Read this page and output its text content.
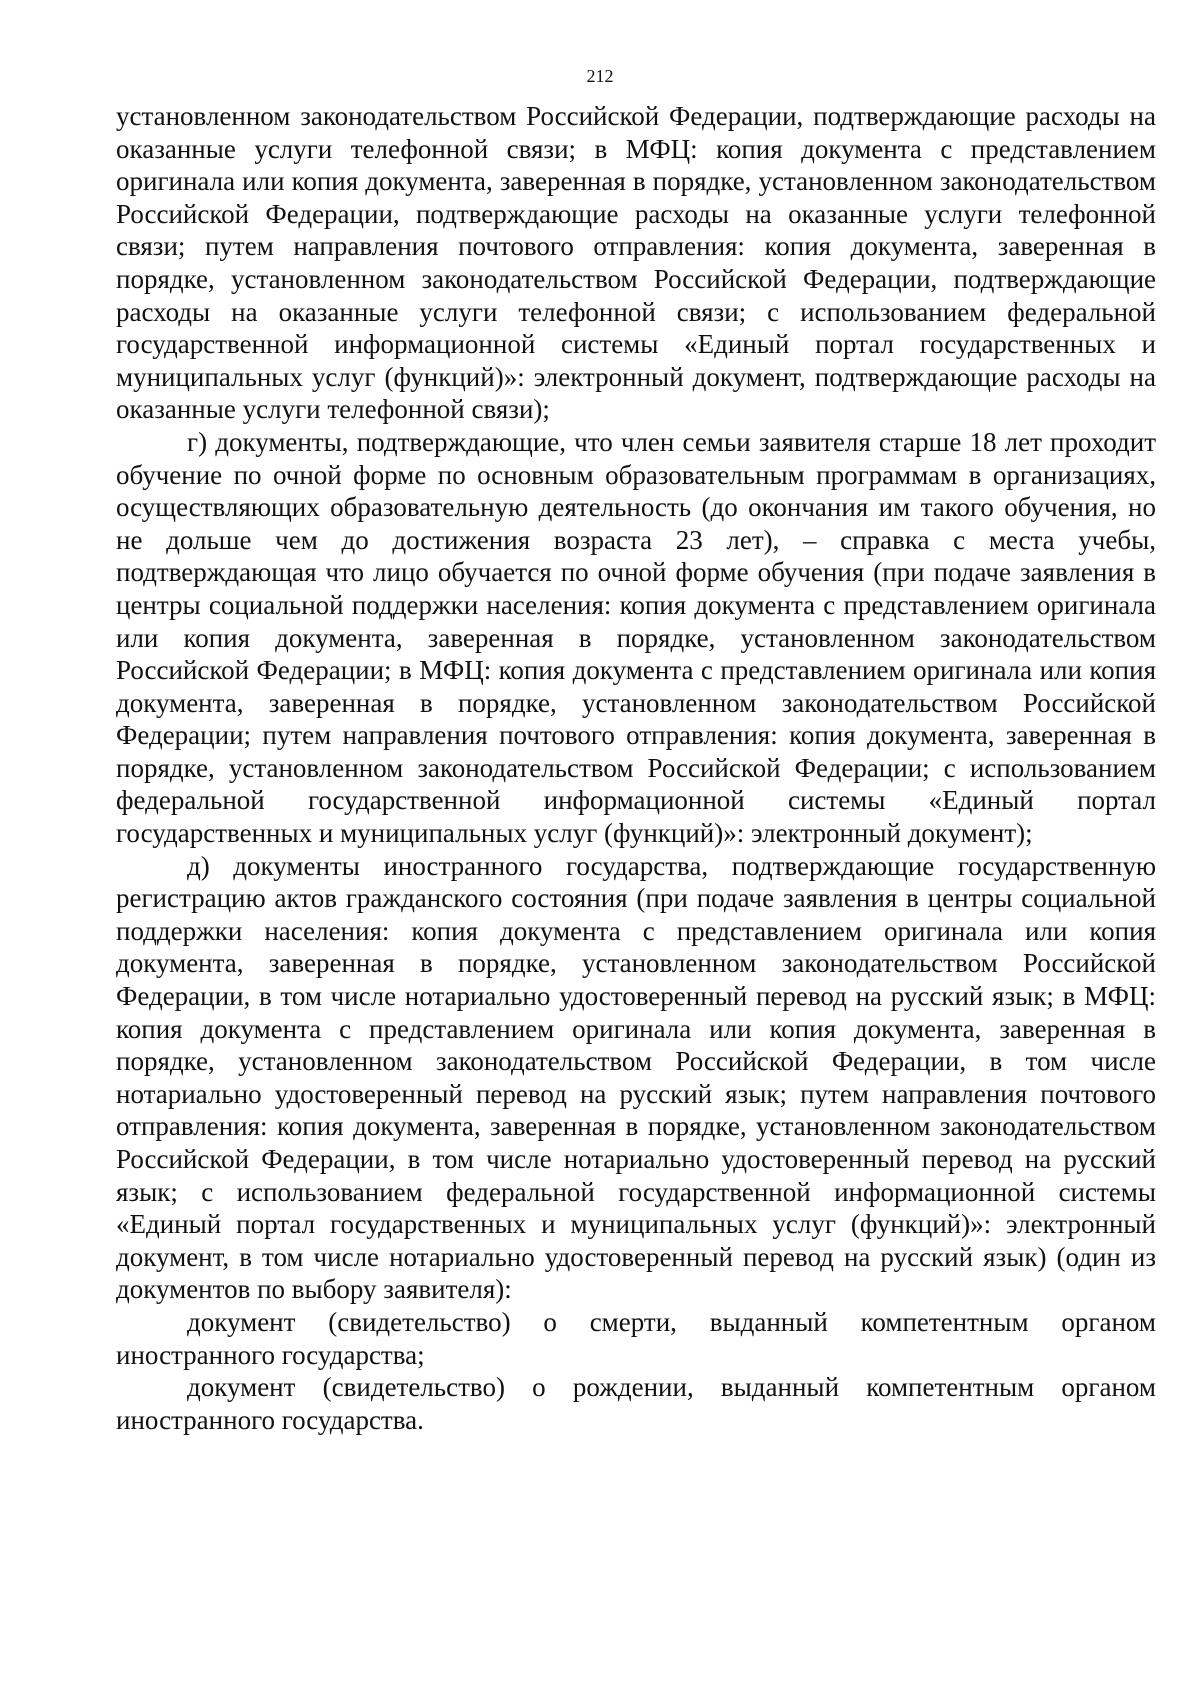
212

установленном законодательством Российской Федерации, подтверждающие расходы на оказанные услуги телефонной связи; в МФЦ: копия документа с представлением оригинала или копия документа, заверенная в порядке, установленном законодательством Российской Федерации, подтверждающие расходы на оказанные услуги телефонной связи; путем направления почтового отправления: копия документа, заверенная в порядке, установленном законодательством Российской Федерации, подтверждающие расходы на оказанные услуги телефонной связи; с использованием федеральной государственной информационной системы «Единый портал государственных и муниципальных услуг (функций)»: электронный документ, подтверждающие расходы на оказанные услуги телефонной связи);

г) документы, подтверждающие, что член семьи заявителя старше 18 лет проходит обучение по очной форме по основным образовательным программам в организациях, осуществляющих образовательную деятельность (до окончания им такого обучения, но не дольше чем до достижения возраста 23 лет), – справка с места учебы, подтверждающая что лицо обучается по очной форме обучения (при подаче заявления в центры социальной поддержки населения: копия документа с представлением оригинала или копия документа, заверенная в порядке, установленном законодательством Российской Федерации; в МФЦ: копия документа с представлением оригинала или копия документа, заверенная в порядке, установленном законодательством Российской Федерации; путем направления почтового отправления: копия документа, заверенная в порядке, установленном законодательством Российской Федерации; с использованием федеральной государственной информационной системы «Единый портал государственных и муниципальных услуг (функций)»: электронный документ);

д) документы иностранного государства, подтверждающие государственную регистрацию актов гражданского состояния (при подаче заявления в центры социальной поддержки населения: копия документа с представлением оригинала или копия документа, заверенная в порядке, установленном законодательством Российской Федерации, в том числе нотариально удостоверенный перевод на русский язык; в МФЦ: копия документа с представлением оригинала или копия документа, заверенная в порядке, установленном законодательством Российской Федерации, в том числе нотариально удостоверенный перевод на русский язык; путем направления почтового отправления: копия документа, заверенная в порядке, установленном законодательством Российской Федерации, в том числе нотариально удостоверенный перевод на русский язык; с использованием федеральной государственной информационной системы «Единый портал государственных и муниципальных услуг (функций)»: электронный документ, в том числе нотариально удостоверенный перевод на русский язык) (один из документов по выбору заявителя):

документ (свидетельство) о смерти, выданный компетентным органом иностранного государства;

документ (свидетельство) о рождении, выданный компетентным органом иностранного государства.
